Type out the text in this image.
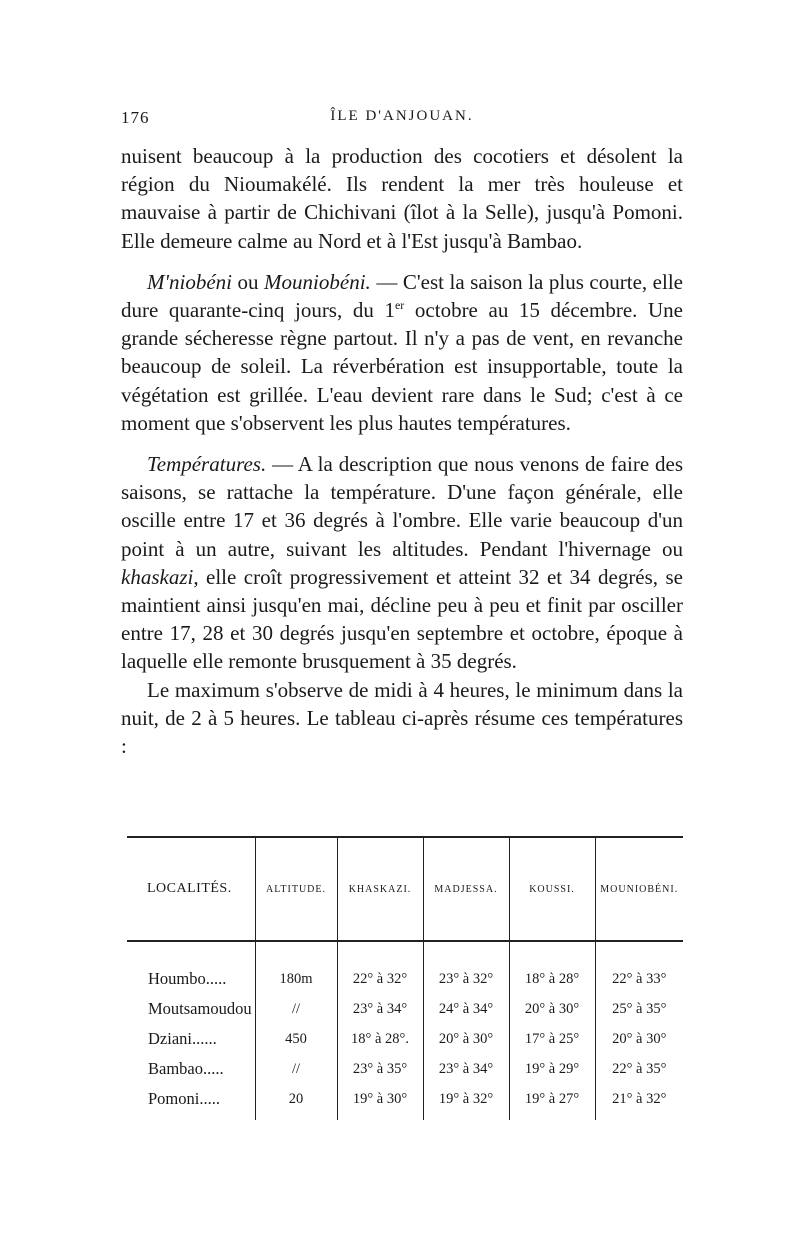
176	ÎLE D'ANJOUAN.

nuisent beaucoup à la production des cocotiers et désolent la région du Nioumakélé. Ils rendent la mer très houleuse et mauvaise à partir de Chichivani (îlot à la Selle), jusqu'à Pomoni. Elle demeure calme au Nord et à l'Est jusqu'à Bambao.

M'niobéni ou Mouniobéni. — C'est la saison la plus courte, elle dure quarante-cinq jours, du 1er octobre au 15 décembre. Une grande sécheresse règne partout. Il n'y a pas de vent, en revanche beaucoup de soleil. La réverbération est insupportable, toute la végétation est grillée. L'eau devient rare dans le Sud; c'est à ce moment que s'observent les plus hautes températures.

Températures. — A la description que nous venons de faire des saisons, se rattache la température. D'une façon générale, elle oscille entre 17 et 36 degrés à l'ombre. Elle varie beaucoup d'un point à un autre, suivant les altitudes. Pendant l'hivernage ou khaskazi, elle croît progressivement et atteint 32 et 34 degrés, se maintient ainsi jusqu'en mai, décline peu à peu et finit par osciller entre 17, 28 et 30 degrés jusqu'en septembre et octobre, époque à laquelle elle remonte brusquement à 35 degrés.

Le maximum s'observe de midi à 4 heures, le minimum dans la nuit, de 2 à 5 heures. Le tableau ci-après résume ces températures :

LOCALITÉS.	ALTITUDE.	KHASKAZI.	MADJESSA.	KOUSSI.	MOUNIOBÉNI.
Houmbo.....	180m	22° à 32°	23° à 32°	18° à 28°	22° à 33°
Moutsamoudou	//	23° à 34°	24° à 34°	20° à 30°	25° à 35°
Dziani......	450	18° à 28°.	20° à 30°	17° à 25°	20° à 30°
Bambao.....	//	23° à 35°	23° à 34°	19° à 29°	22° à 35°
Pomoni.....	20	19° à 30°	19° à 32°	19° à 27°	21° à 32°
